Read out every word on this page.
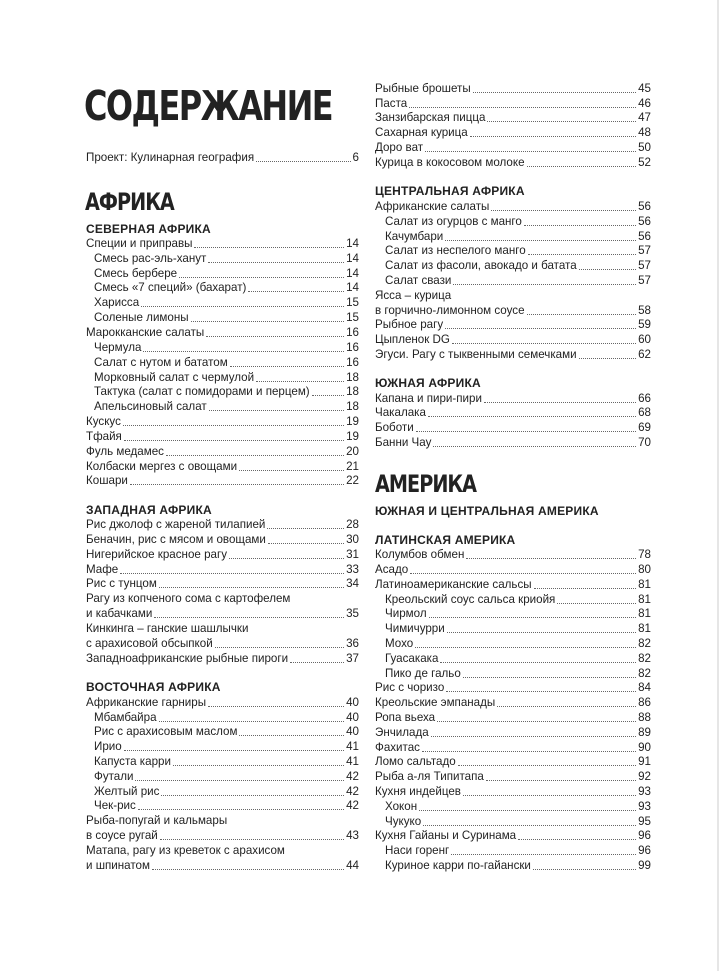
СОДЕРЖАНИЕ
Проект: Кулинарная география	6
АФРИКА
СЕВЕРНАЯ АФРИКА
Специи и приправы	14
Смесь рас-эль-ханут	14
Смесь бербере	14
Смесь «7 специй» (бахарат)	14
Харисса	15
Соленые лимоны	15
Марокканские салаты	16
Чермула	16
Салат с нутом и бататом	16
Морковный салат с чермулой	18
Тактука (салат с помидорами и перцем)	18
Апельсиновый салат	18
Кускус	19
Тфайя	19
Фуль медамес	20
Колбаски мергез с овощами	21
Кошари	22
ЗАПАДНАЯ АФРИКА
Рис джолоф с жареной тилапией	28
Беначин, рис с мясом и овощами	30
Нигерийское красное рагу	31
Мафе	33
Рис с тунцом	34
Рагу из копченого сома с картофелем
и кабачками	35
Кинкинга – ганские шашлычки
с арахисовой обсыпкой	36
Западноафриканские рыбные пироги	37
ВОСТОЧНАЯ АФРИКА
Африканские гарниры	40
Мбамбайра	40
Рис с арахисовым маслом	40
Ирио	41
Капуста карри	41
Футали	42
Желтый рис	42
Чек-рис	42
Рыба-попугай и кальмары
в соусе ругай	43
Матапа, рагу из креветок с арахисом
и шпинатом	44
Рыбные брошеты	45
Паста	46
Занзибарская пицца	47
Сахарная курица	48
Доро ват	50
Курица в кокосовом молоке	52
ЦЕНТРАЛЬНАЯ АФРИКА
Африканские салаты	56
Салат из огурцов с манго	56
Качумбари	56
Салат из неспелого манго	57
Салат из фасоли, авокадо и батата	57
Салат свази	57
Ясса – курица
в горчично-лимонном соусе	58
Рыбное рагу	59
Цыпленок DG	60
Эгуси. Рагу с тыквенными семечками	62
ЮЖНАЯ АФРИКА
Капана и пири-пири	66
Чакалака	68
Боботи	69
Банни Чау	70
АМЕРИКА
ЮЖНАЯ И ЦЕНТРАЛЬНАЯ АМЕРИКА
ЛАТИНСКАЯ АМЕРИКА
Колумбов обмен	78
Асадо	80
Латиноамериканские сальсы	81
Креольский соус сальса криойя	81
Чирмол	81
Чимичурри	81
Мохо	82
Гуасакака	82
Пико де гальо	82
Рис с чоризо	84
Креольские эмпанады	86
Ропа вьеха	88
Энчилада	89
Фахитас	90
Ломо сальтадо	91
Рыба а-ля Типитапа	92
Кухня индейцев	93
Хокон	93
Чукуко	95
Кухня Гайаны и Суринама	96
Наси горенг	96
Куриное карри по-гайански	99
